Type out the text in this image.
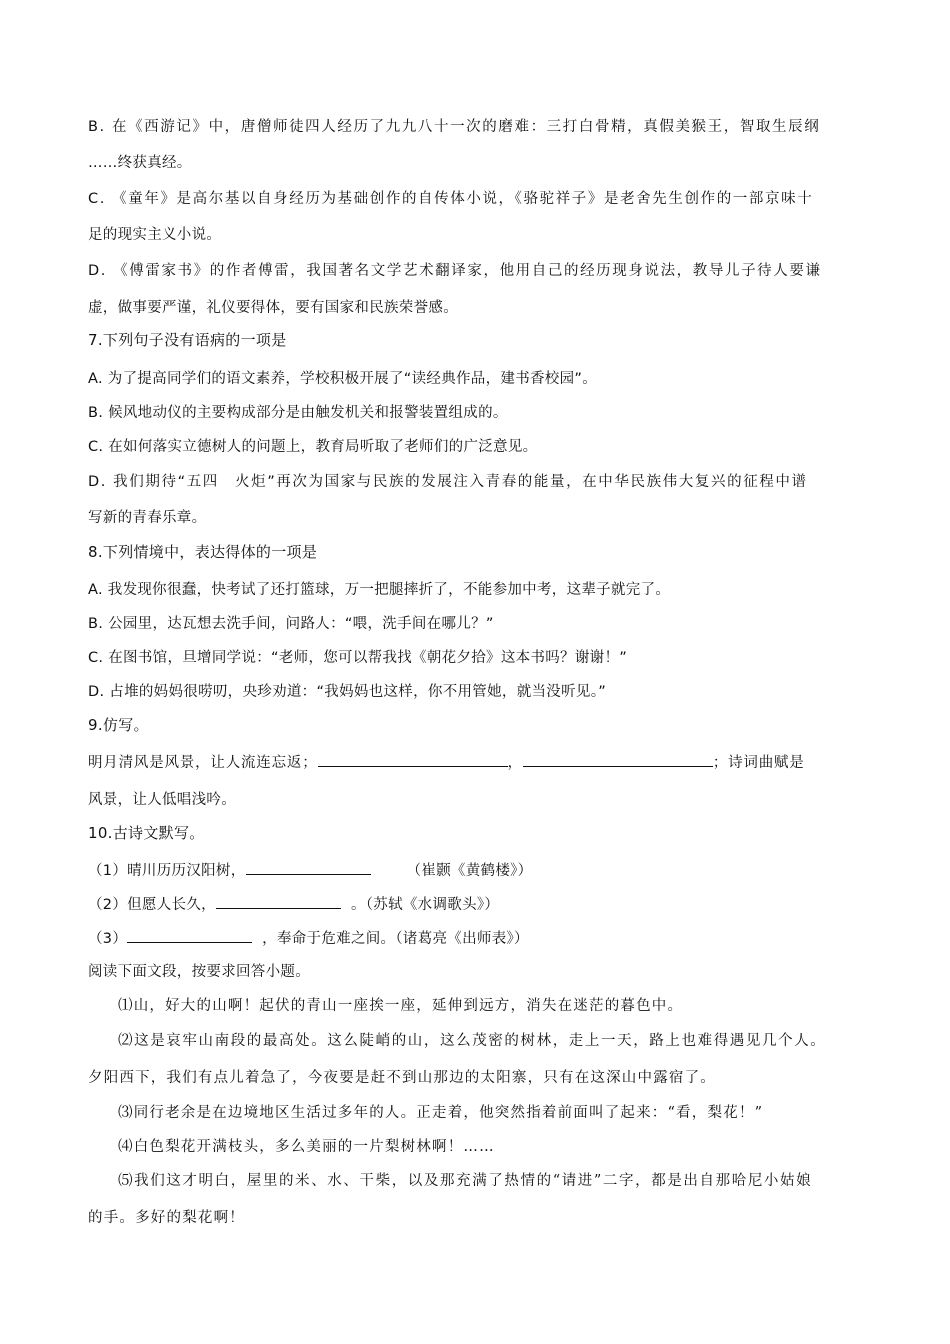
B. 在《西游记》中，唐僧师徒四人经历了九九八十一次的磨难：三打白骨精，真假美猴王，智取生辰纲
……终获真经。
C. 《童年》是高尔基以自身经历为基础创作的自传体小说，《骆驼祥子》是老舍先生创作的一部京味十
足的现实主义小说。
D. 《傅雷家书》的作者傅雷，我国著名文学艺术翻译家，他用自己的经历现身说法，教导儿子待人要谦
虚，做事要严谨，礼仪要得体，要有国家和民族荣誉感。
7.下列句子没有语病的一项是
A. 为了提高同学们的语文素养，学校积极开展了“读经典作品，建书香校园”。
B. 候风地动仪的主要构成部分是由触发机关和报警装置组成的。
C. 在如何落实立德树人的问题上，教育局听取了老师们的广泛意见。
D. 我们期待“五四　火炬”再次为国家与民族的发展注入青春的能量，在中华民族伟大复兴的征程中谱
写新的青春乐章。
8.下列情境中，表达得体的一项是
A. 我发现你很蠢，快考试了还打篮球，万一把腿摔折了，不能参加中考，这辈子就完了。
B. 公园里，达瓦想去洗手间，问路人：“喂，洗手间在哪儿？”
C. 在图书馆，旦增同学说：“老师，您可以帮我找《朝花夕拾》这本书吗？谢谢！”
D. 占堆的妈妈很唠叨，央珍劝道：“我妈妈也这样，你不用管她，就当没听见。”
9.仿写。
明月清风是风景，让人流连忘返；	，	；诗词曲赋是
风景，让人低唱浅吟。
10.古诗文默写。
（1）晴川历历汉阳树，	（崔颢《黄鹤楼》）
（2）但愿人长久，	。（苏轼《水调歌头》）
（3）	，奉命于危难之间。（诸葛亮《出师表》）
阅读下面文段，按要求回答小题。
⑴山，好大的山啊！起伏的青山一座挨一座，延伸到远方，消失在迷茫的暮色中。
⑵这是哀牢山南段的最高处。这么陡峭的山，这么茂密的树林，走上一天，路上也难得遇见几个人。
夕阳西下，我们有点儿着急了，今夜要是赶不到山那边的太阳寨，只有在这深山中露宿了。
⑶同行老余是在边境地区生活过多年的人。正走着，他突然指着前面叫了起来：“看，梨花！”
⑷白色梨花开满枝头，多么美丽的一片梨树林啊！……
⑸我们这才明白，屋里的米、水、干柴，以及那充满了热情的“请进”二字，都是出自那哈尼小姑娘
的手。多好的梨花啊！
